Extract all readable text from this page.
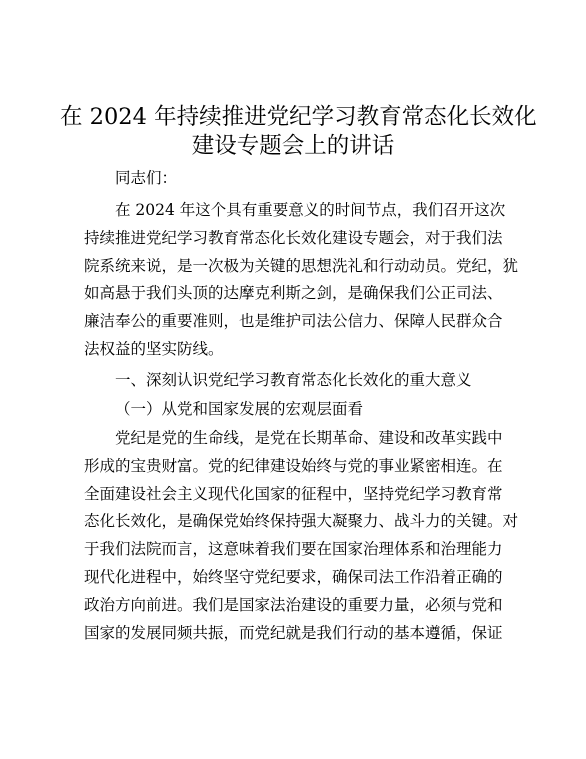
在 2024 年持续推进党纪学习教育常态化长效化
建设专题会上的讲话

同志们：

在 2024 年这个具有重要意义的时间节点，我们召开这次
持续推进党纪学习教育常态化长效化建设专题会，对于我们法
院系统来说，是一次极为关键的思想洗礼和行动动员。党纪，犹
如高悬于我们头顶的达摩克利斯之剑，是确保我们公正司法、
廉洁奉公的重要准则，也是维护司法公信力、保障人民群众合
法权益的坚实防线。

一、深刻认识党纪学习教育常态化长效化的重大意义

（一）从党和国家发展的宏观层面看

党纪是党的生命线，是党在长期革命、建设和改革实践中
形成的宝贵财富。党的纪律建设始终与党的事业紧密相连。在
全面建设社会主义现代化国家的征程中，坚持党纪学习教育常
态化长效化，是确保党始终保持强大凝聚力、战斗力的关键。对
于我们法院而言，这意味着我们要在国家治理体系和治理能力
现代化进程中，始终坚守党纪要求，确保司法工作沿着正确的
政治方向前进。我们是国家法治建设的重要力量，必须与党和
国家的发展同频共振，而党纪就是我们行动的基本遵循，保证
